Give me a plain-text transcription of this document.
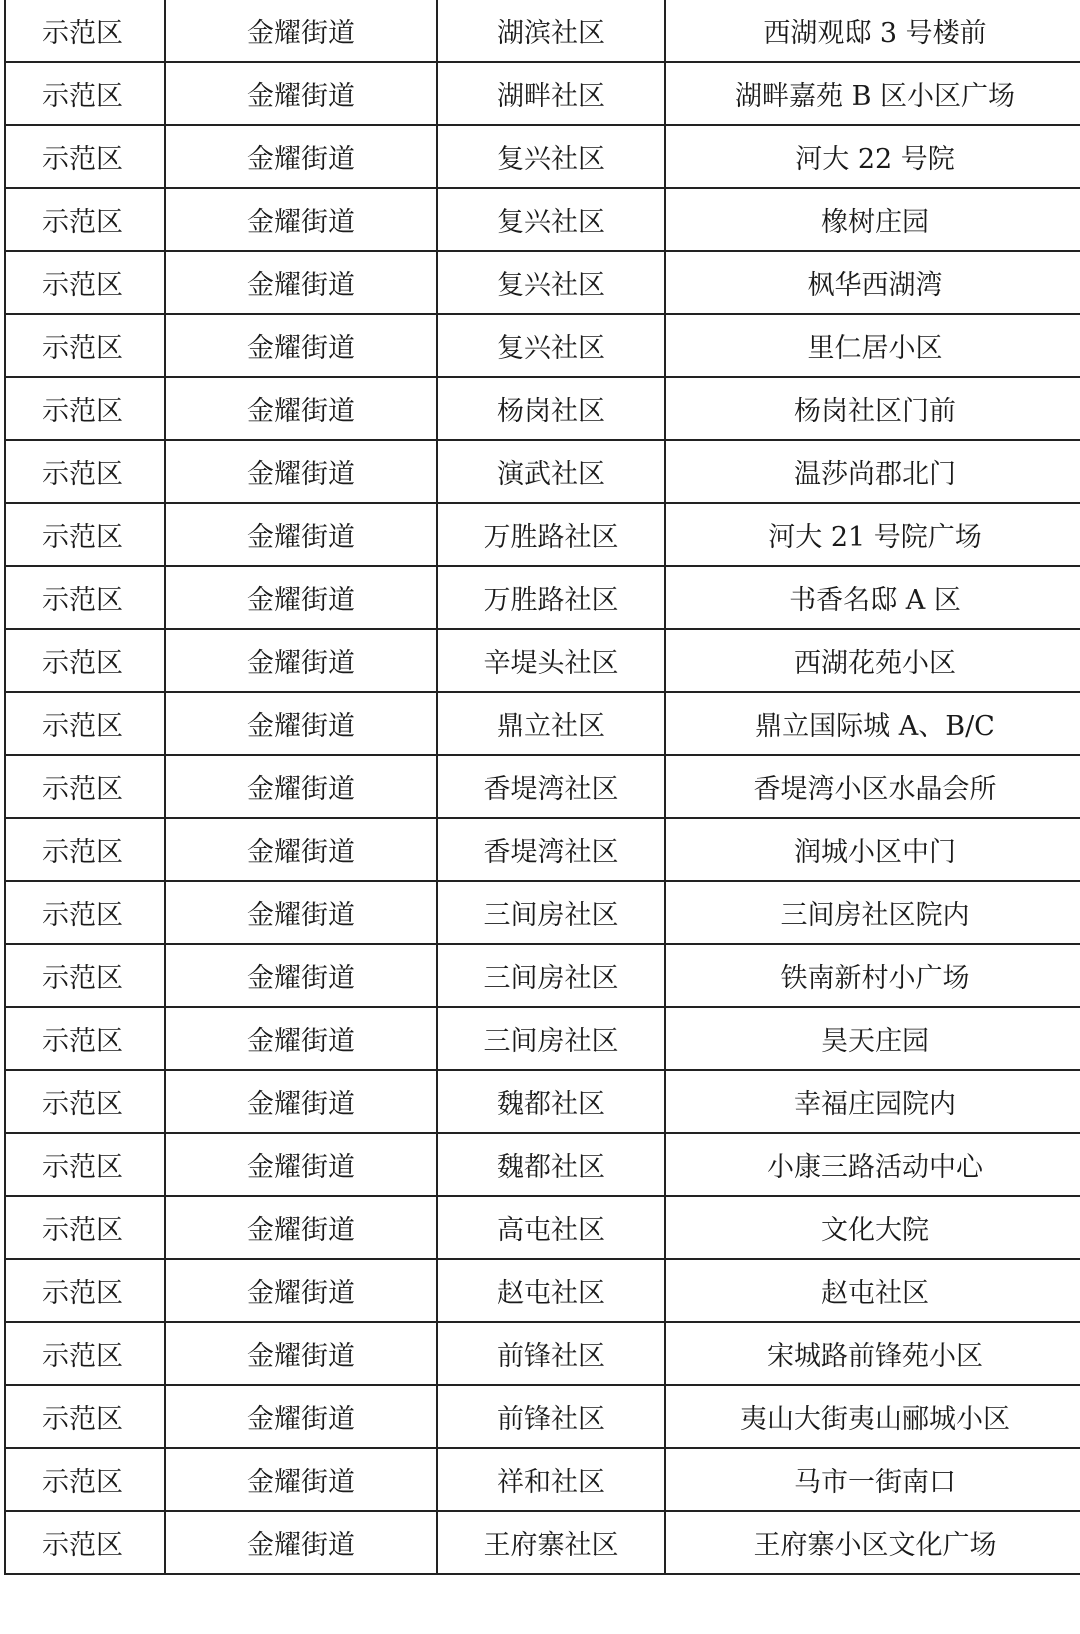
示范区	金耀街道	湖滨社区	西湖观邸 3 号楼前
示范区	金耀街道	湖畔社区	湖畔嘉苑 B 区小区广场
示范区	金耀街道	复兴社区	河大 22 号院
示范区	金耀街道	复兴社区	橡树庄园
示范区	金耀街道	复兴社区	枫华西湖湾
示范区	金耀街道	复兴社区	里仁居小区
示范区	金耀街道	杨岗社区	杨岗社区门前
示范区	金耀街道	演武社区	温莎尚郡北门
示范区	金耀街道	万胜路社区	河大 21 号院广场
示范区	金耀街道	万胜路社区	书香名邸 A 区
示范区	金耀街道	辛堤头社区	西湖花苑小区
示范区	金耀街道	鼎立社区	鼎立国际城 A、B/C
示范区	金耀街道	香堤湾社区	香堤湾小区水晶会所
示范区	金耀街道	香堤湾社区	润城小区中门
示范区	金耀街道	三间房社区	三间房社区院内
示范区	金耀街道	三间房社区	铁南新村小广场
示范区	金耀街道	三间房社区	昊天庄园
示范区	金耀街道	魏都社区	幸福庄园院内
示范区	金耀街道	魏都社区	小康三路活动中心
示范区	金耀街道	高屯社区	文化大院
示范区	金耀街道	赵屯社区	赵屯社区
示范区	金耀街道	前锋社区	宋城路前锋苑小区
示范区	金耀街道	前锋社区	夷山大街夷山郦城小区
示范区	金耀街道	祥和社区	马市一街南口
示范区	金耀街道	王府寨社区	王府寨小区文化广场
